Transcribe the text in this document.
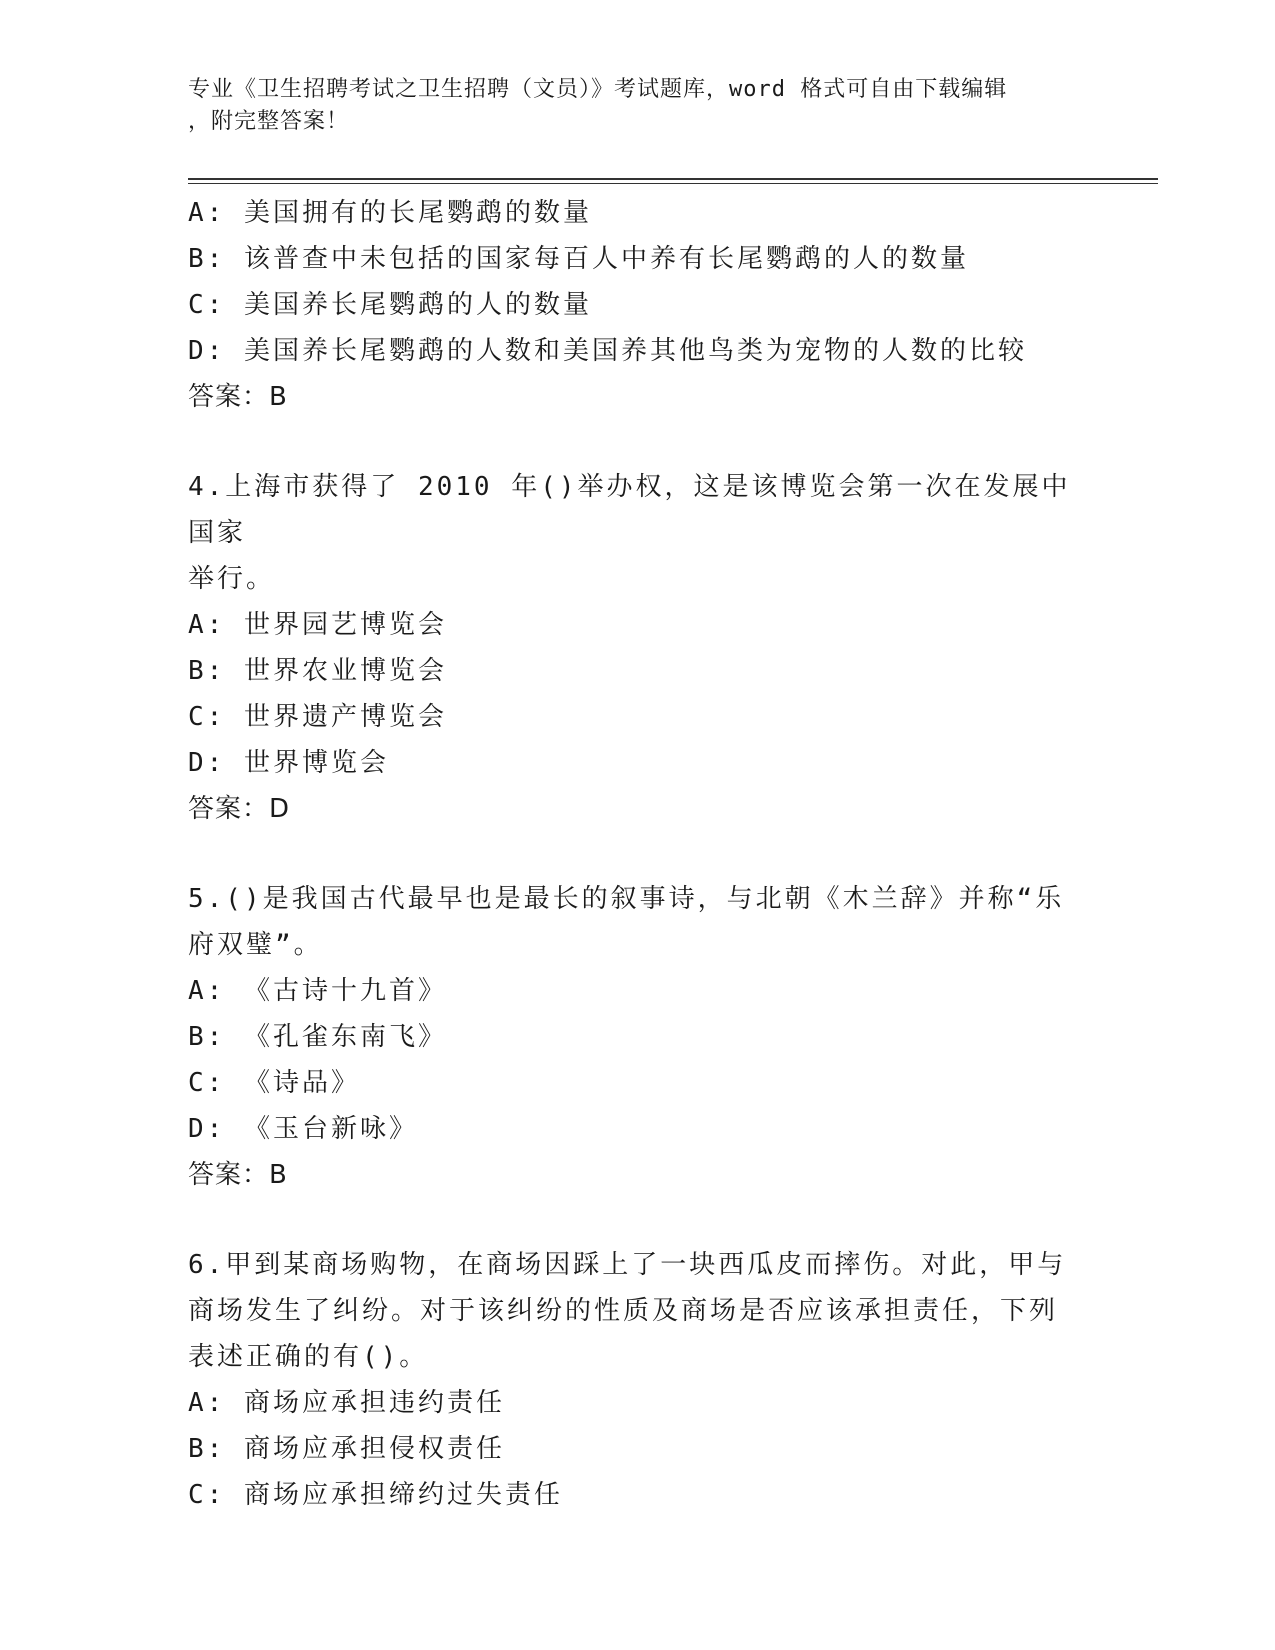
专业《卫生招聘考试之卫生招聘（文员）》考试题库，word 格式可自由下载编辑
，附完整答案！
A: 美国拥有的长尾鹦鹉的数量
B: 该普查中未包括的国家每百人中养有长尾鹦鹉的人的数量
C: 美国养长尾鹦鹉的人的数量
D: 美国养长尾鹦鹉的人数和美国养其他鸟类为宠物的人数的比较
答案：B
4.上海市获得了 2010 年()举办权，这是该博览会第一次在发展中国家
举行。
A: 世界园艺博览会
B: 世界农业博览会
C: 世界遗产博览会
D: 世界博览会
答案：D
5.()是我国古代最早也是最长的叙事诗，与北朝《木兰辞》并称“乐
府双璧”。
A: 《古诗十九首》
B: 《孔雀东南飞》
C: 《诗品》
D: 《玉台新咏》
答案：B
6.甲到某商场购物，在商场因踩上了一块西瓜皮而摔伤。对此，甲与
商场发生了纠纷。对于该纠纷的性质及商场是否应该承担责任，下列
表述正确的有()。
A: 商场应承担违约责任
B: 商场应承担侵权责任
C: 商场应承担缔约过失责任
